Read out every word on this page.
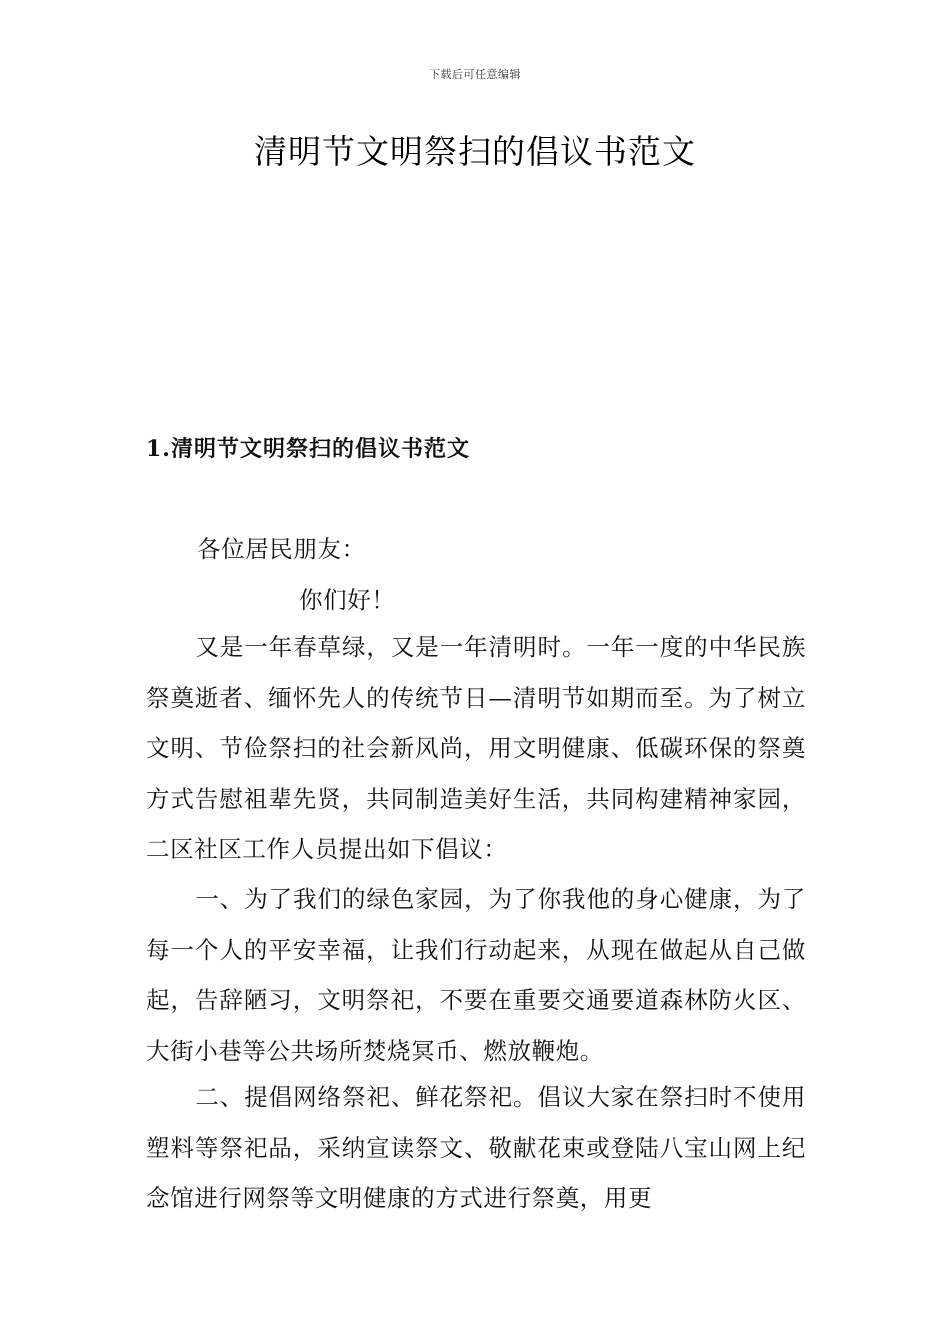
下载后可任意编辑
清明节文明祭扫的倡议书范文
1.清明节文明祭扫的倡议书范文

各位居民朋友：

你们好！

又是一年春草绿，又是一年清明时。一年一度的中华民族祭奠逝者、缅怀先人的传统节日—清明节如期而至。为了树立文明、节俭祭扫的社会新风尚，用文明健康、低碳环保的祭奠方式告慰祖辈先贤，共同制造美好生活，共同构建精神家园，二区社区工作人员提出如下倡议：

一、为了我们的绿色家园，为了你我他的身心健康，为了每一个人的平安幸福，让我们行动起来，从现在做起从自己做起，告辞陋习，文明祭祀，不要在重要交通要道森林防火区、大街小巷等公共场所焚烧冥币、燃放鞭炮。

二、提倡网络祭祀、鲜花祭祀。倡议大家在祭扫时不使用塑料等祭祀品，采纳宣读祭文、敬献花束或登陆八宝山网上纪念馆进行网祭等文明健康的方式进行祭奠，用更
